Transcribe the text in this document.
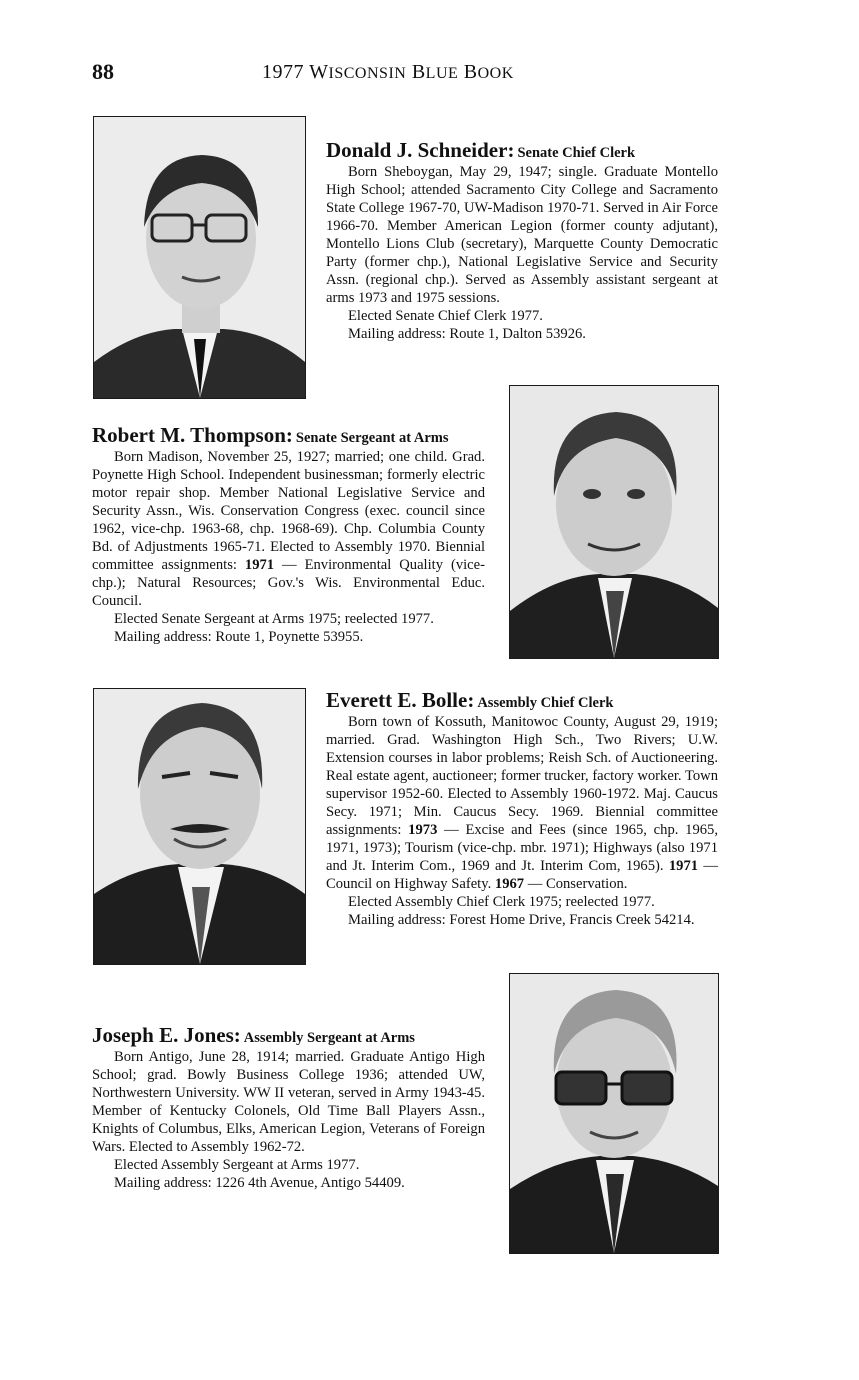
88	1977 WISCONSIN BLUE BOOK
Donald J. Schneider: Senate Chief Clerk

Born Sheboygan, May 29, 1947; single. Graduate Montello High School; attended Sacramento City College and Sacramento State College 1967-70, UW-Madison 1970-71. Served in Air Force 1966-70. Member American Legion (former county adjutant), Montello Lions Club (secretary), Marquette County Democratic Party (former chp.), National Legislative Service and Security Assn. (regional chp.). Served as Assembly assistant sergeant at arms 1973 and 1975 sessions.

Elected Senate Chief Clerk 1977.

Mailing address: Route 1, Dalton 53926.

Robert M. Thompson: Senate Sergeant at Arms

Born Madison, November 25, 1927; married; one child. Grad. Poynette High School. Independent businessman; formerly electric motor repair shop. Member National Legislative Service and Security Assn., Wis. Conservation Congress (exec. council since 1962, vice-chp. 1963-68, chp. 1968-69). Chp. Columbia County Bd. of Adjustments 1965-71. Elected to Assembly 1970. Biennial committee assignments: 1971 — Environmental Quality (vice-chp.); Natural Resources; Gov.'s Wis. Environmental Educ. Council.

Elected Senate Sergeant at Arms 1975; reelected 1977.

Mailing address: Route 1, Poynette 53955.

Everett E. Bolle: Assembly Chief Clerk

Born town of Kossuth, Manitowoc County, August 29, 1919; married. Grad. Washington High Sch., Two Rivers; U.W. Extension courses in labor problems; Reish Sch. of Auctioneering. Real estate agent, auctioneer; former trucker, factory worker. Town supervisor 1952-60. Elected to Assembly 1960-1972. Maj. Caucus Secy. 1971; Min. Caucus Secy. 1969. Biennial committee assignments: 1973 — Excise and Fees (since 1965, chp. 1965, 1971, 1973); Tourism (vice-chp. mbr. 1971); Highways (also 1971 and Jt. Interim Com., 1969 and Jt. Interim Com, 1965). 1971 — Council on Highway Safety. 1967 — Conservation.

Elected Assembly Chief Clerk 1975; reelected 1977.

Mailing address: Forest Home Drive, Francis Creek 54214.

Joseph E. Jones: Assembly Sergeant at Arms

Born Antigo, June 28, 1914; married. Graduate Antigo High School; grad. Bowly Business College 1936; attended UW, Northwestern University. WW II veteran, served in Army 1943-45. Member of Kentucky Colonels, Old Time Ball Players Assn., Knights of Columbus, Elks, American Legion, Veterans of Foreign Wars. Elected to Assembly 1962-72.

Elected Assembly Sergeant at Arms 1977.

Mailing address: 1226 4th Avenue, Antigo 54409.
